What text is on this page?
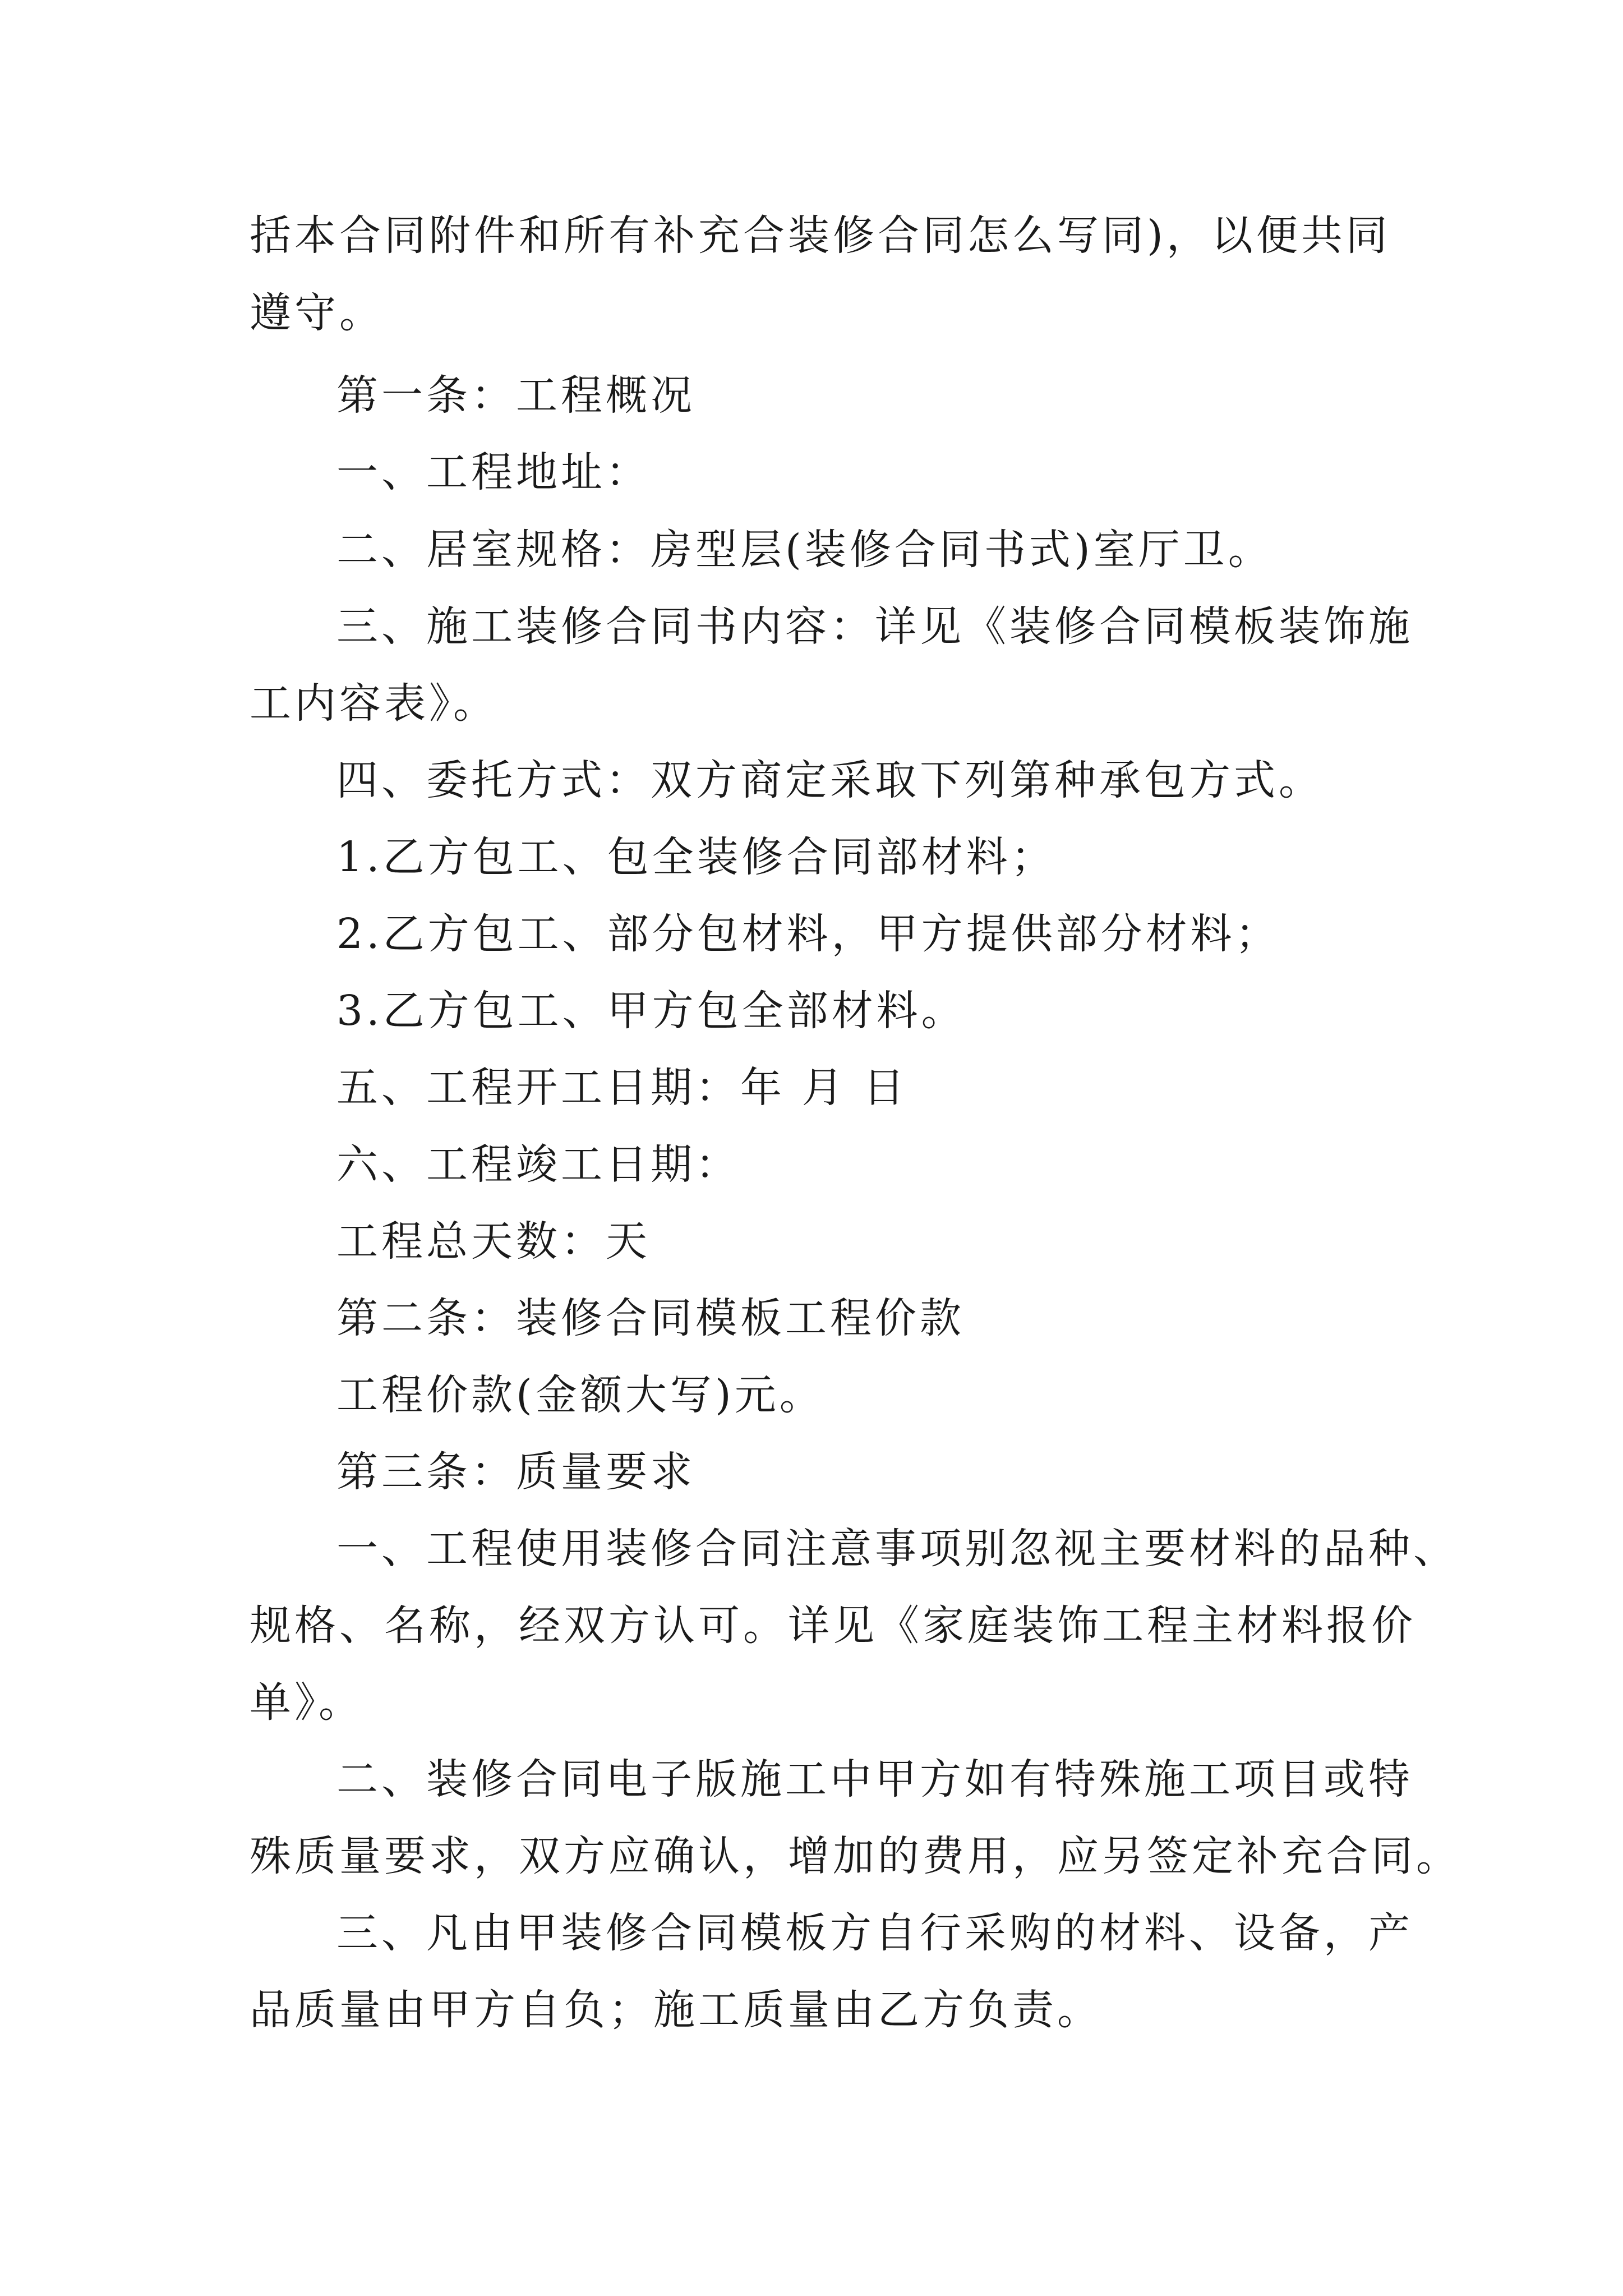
括本合同附件和所有补充合装修合同怎么写同)，以便共同
遵守。
第一条：工程概况
一、工程地址：
二、居室规格：房型层(装修合同书式)室厅卫。
三、施工装修合同书内容：详见《装修合同模板装饰施
工内容表》。
四、委托方式：双方商定采取下列第种承包方式。
1.乙方包工、包全装修合同部材料；
2.乙方包工、部分包材料，甲方提供部分材料；
3.乙方包工、甲方包全部材料。
五、工程开工日期：年 月 日
六、工程竣工日期：
工程总天数：天
第二条：装修合同模板工程价款
工程价款(金额大写)元。
第三条：质量要求
一、工程使用装修合同注意事项别忽视主要材料的品种、
规格、名称，经双方认可。详见《家庭装饰工程主材料报价
单》。
二、装修合同电子版施工中甲方如有特殊施工项目或特
殊质量要求，双方应确认，增加的费用，应另签定补充合同。
三、凡由甲装修合同模板方自行采购的材料、设备，产
品质量由甲方自负；施工质量由乙方负责。
